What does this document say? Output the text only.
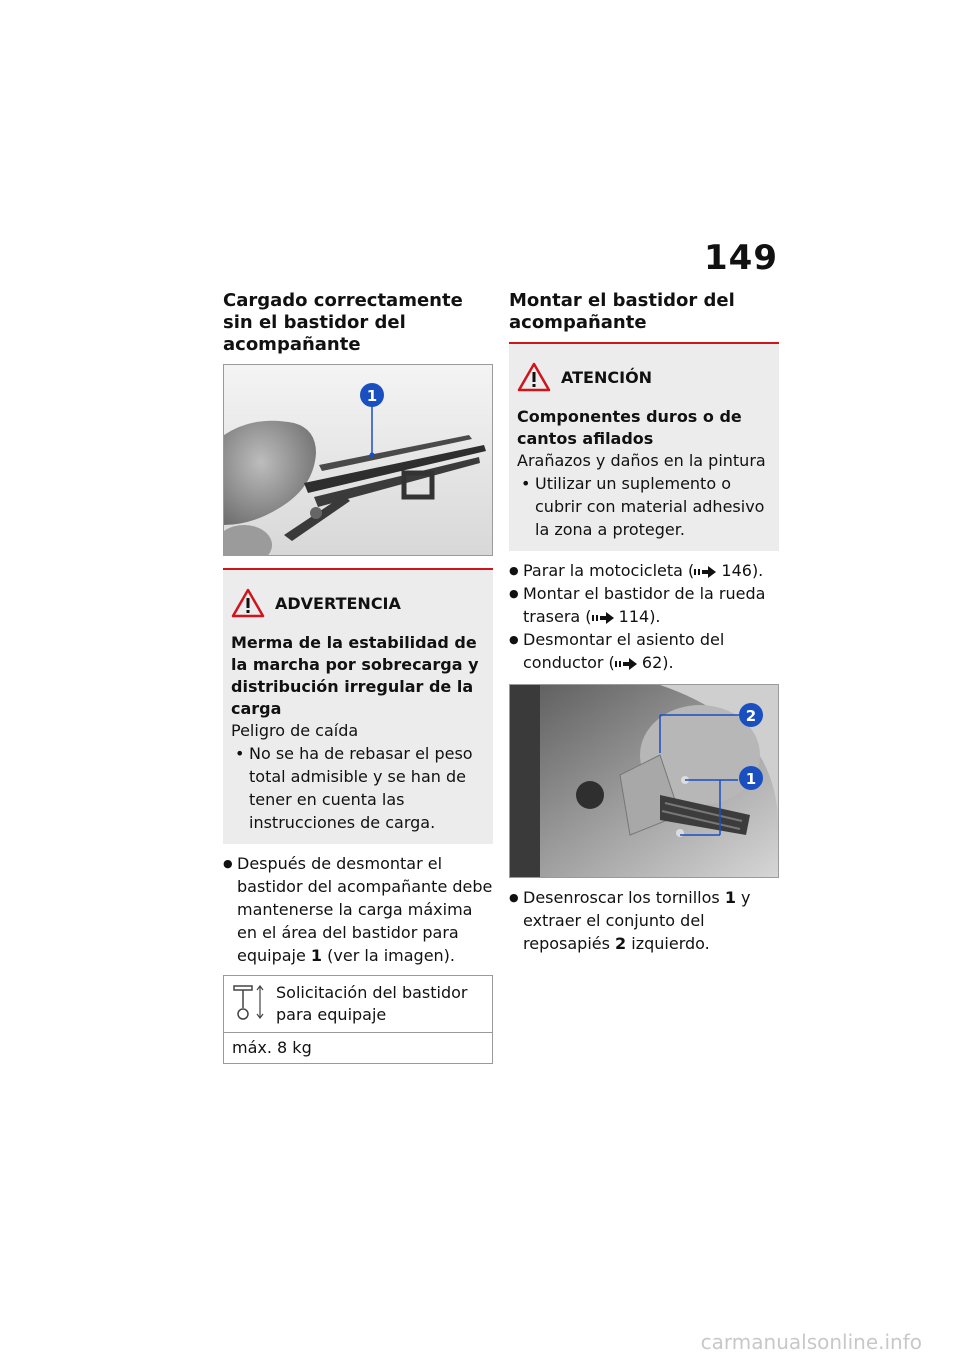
149
Cargado correctamente sin el bastidor del acompañante
1
ADVERTENCIA
Merma de la estabilidad de la marcha por sobrecarga y distribución irregular de la carga
Peligro de caída
• No se ha de rebasar el peso total admisible y se han de tener en cuenta las instrucciones de carga.
● Después de desmontar el bastidor del acompañante debe mantenerse la carga máxima en el área del bastidor para equipaje 1 (ver la imagen).
Solicitación del bastidor para equipaje
máx. 8 kg
Montar el bastidor del acompañante
ATENCIÓN
Componentes duros o de cantos afilados
Arañazos y daños en la pintura
• Utilizar un suplemento o cubrir con material adhesivo la zona a proteger.
● Parar la motocicleta ( 146).
● Montar el bastidor de la rueda trasera ( 114).
● Desmontar el asiento del conductor ( 62).
2
1
● Desenroscar los tornillos 1 y extraer el conjunto del reposapiés 2 izquierdo.
carmanualsonline.info
